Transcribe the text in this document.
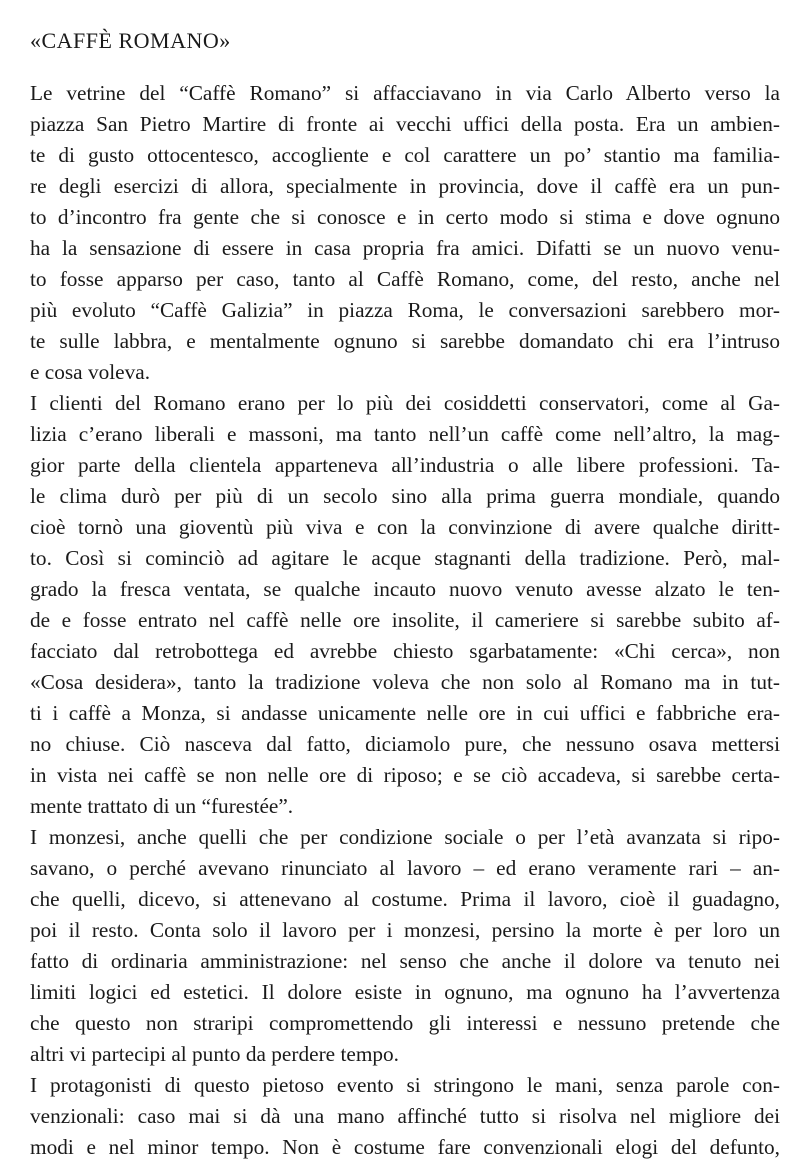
«CAFFÈ ROMANO»
Le vetrine del “Caffè Romano” si affacciavano in via Carlo Alberto verso la
piazza San Pietro Martire di fronte ai vecchi uffici della posta. Era un ambien-
te di gusto ottocentesco, accogliente e col carattere un po’ stantio ma familia-
re degli esercizi di allora, specialmente in provincia, dove il caffè era un pun-
to d’incontro fra gente che si conosce e in certo modo si stima e dove ognuno
ha la sensazione di essere in casa propria fra amici. Difatti se un nuovo venu-
to fosse apparso per caso, tanto al Caffè Romano, come, del resto, anche nel
più evoluto “Caffè Galizia” in piazza Roma, le conversazioni sarebbero mor-
te sulle labbra, e mentalmente ognuno si sarebbe domandato chi era l’intruso
e cosa voleva.
I clienti del Romano erano per lo più dei cosiddetti conservatori, come al Ga-
lizia c’erano liberali e massoni, ma tanto nell’un caffè come nell’altro, la mag-
gior parte della clientela apparteneva all’industria o alle libere professioni. Ta-
le clima durò per più di un secolo sino alla prima guerra mondiale, quando
cioè tornò una gioventù più viva e con la convinzione di avere qualche diritt-
to. Così si cominciò ad agitare le acque stagnanti della tradizione. Però, mal-
grado la fresca ventata, se qualche incauto nuovo venuto avesse alzato le ten-
de e fosse entrato nel caffè nelle ore insolite, il cameriere si sarebbe subito af-
facciato dal retrobottega ed avrebbe chiesto sgarbatamente: «Chi cerca», non
«Cosa desidera», tanto la tradizione voleva che non solo al Romano ma in tut-
ti i caffè a Monza, si andasse unicamente nelle ore in cui uffici e fabbriche era-
no chiuse. Ciò nasceva dal fatto, diciamolo pure, che nessuno osava mettersi
in vista nei caffè se non nelle ore di riposo; e se ciò accadeva, si sarebbe certa-
mente trattato di un “furestée”.
I monzesi, anche quelli che per condizione sociale o per l’età avanzata si ripo-
savano, o perché avevano rinunciato al lavoro – ed erano veramente rari – an-
che quelli, dicevo, si attenevano al costume. Prima il lavoro, cioè il guadagno,
poi il resto. Conta solo il lavoro per i monzesi, persino la morte è per loro un
fatto di ordinaria amministrazione: nel senso che anche il dolore va tenuto nei
limiti logici ed estetici. Il dolore esiste in ognuno, ma ognuno ha l’avvertenza
che questo non straripi compromettendo gli interessi e nessuno pretende che
altri vi partecipi al punto da perdere tempo.
I protagonisti di questo pietoso evento si stringono le mani, senza parole con-
venzionali: caso mai si dà una mano affinché tutto si risolva nel migliore dei
modi e nel minor tempo. Non è costume fare convenzionali elogi del defunto,
